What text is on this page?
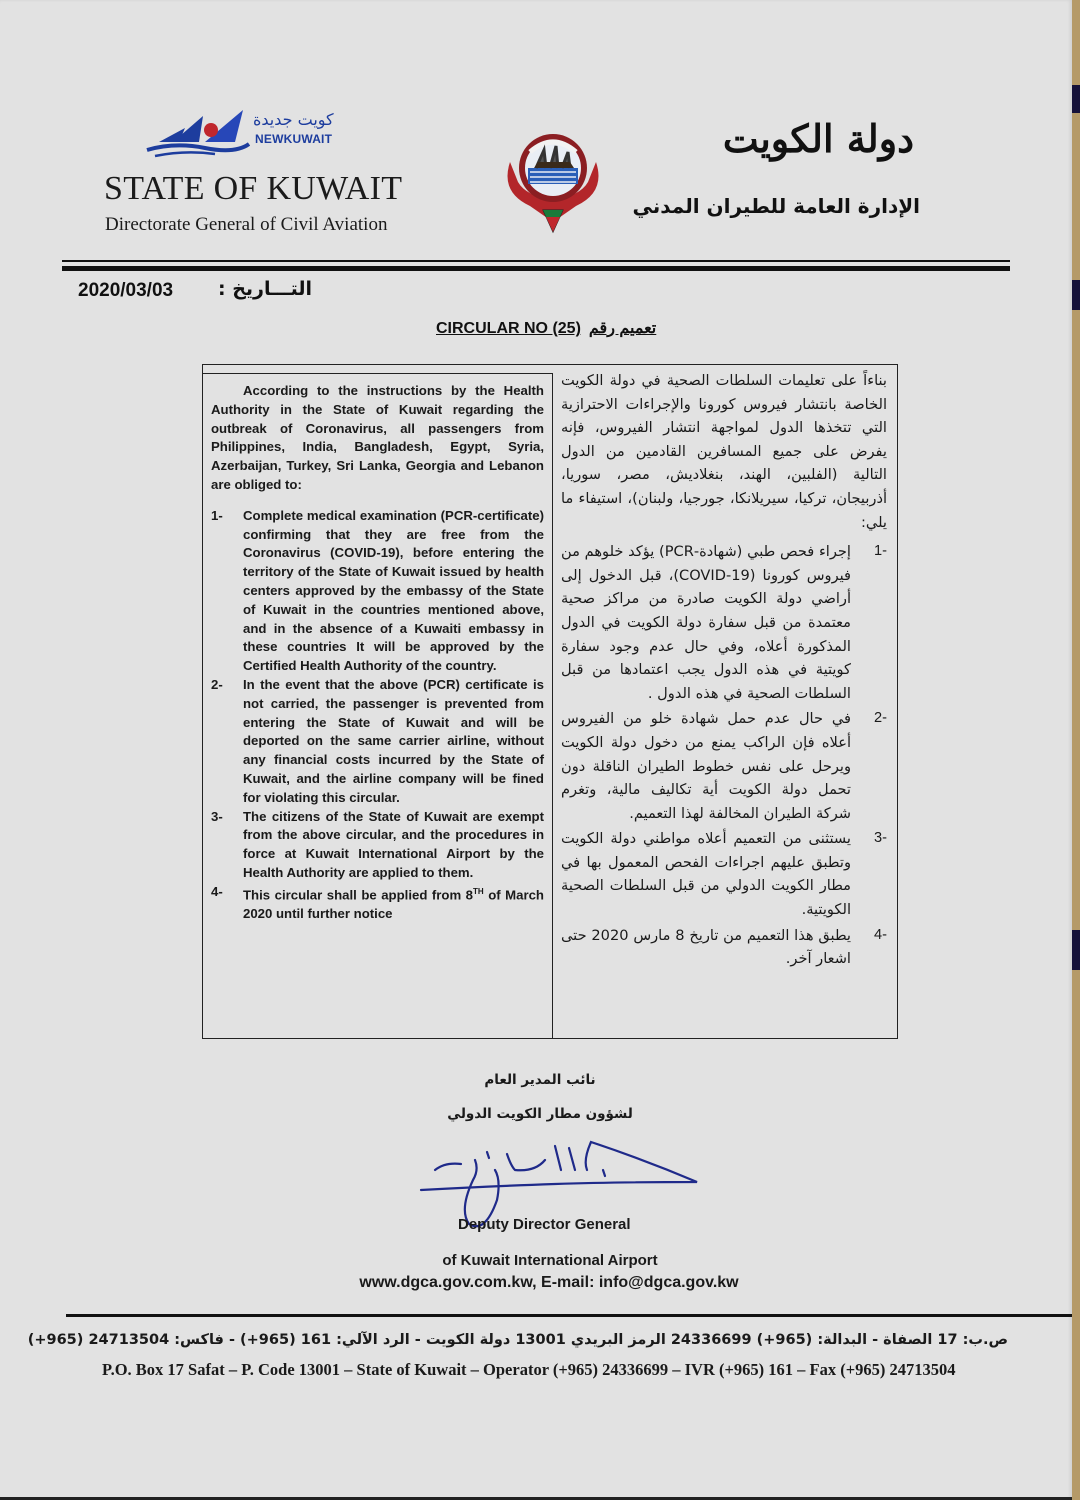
كويت جديدة
NEWKUWAIT
STATE OF KUWAIT
Directorate General of Civil Aviation
دولة الكويت
الإدارة العامة للطيران المدني
2020/03/03 التـــاريخ :
CIRCULAR NO (25) تعميم رقم

According to the instructions by the Health Authority in the State of Kuwait regarding the outbreak of Coronavirus, all passengers from Philippines, India, Bangladesh, Egypt, Syria, Azerbaijan, Turkey, Sri Lanka, Georgia and Lebanon are obliged to:

1-	Complete medical examination (PCR-certificate) confirming that they are free from the Coronavirus (COVID-19), before entering the territory of the State of Kuwait issued by health centers approved by the embassy of the State of Kuwait in the countries mentioned above, and in the absence of a Kuwaiti embassy in these countries It will be approved by the Certified Health Authority of the country.
2-	In the event that the above (PCR) certificate is not carried, the passenger is prevented from entering the State of Kuwait and will be deported on the same carrier airline, without any financial costs incurred by the State of Kuwait, and the airline company will be fined for violating this circular.
3-	The citizens of the State of Kuwait are exempt from the above circular, and the procedures in force at Kuwait International Airport by the Health Authority are applied to them.
4-	This circular shall be applied from 8TH of March 2020 until further notice

بناءاً على تعليمات السلطات الصحية في دولة الكويت الخاصة بانتشار فيروس كورونا والإجراءات الاحترازية التي تتخذها الدول لمواجهة انتشار الفيروس، فإنه يفرض على جميع المسافرين القادمين من الدول التالية (الفلبين، الهند، بنغلاديش، مصر، سوريا، أذربيجان، تركيا، سيريلانكا، جورجيا، ولبنان)، استيفاء ما يلي:

-1
إجراء فحص طبي (شهادة-PCR) يؤكد خلوهم من فيروس كورونا (COVID-19)، قبل الدخول إلى أراضي دولة الكويت صادرة من مراكز صحية معتمدة من قبل سفارة دولة الكويت في الدول المذكورة أعلاه، وفي حال عدم وجود سفارة كويتية في هذه الدول يجب اعتمادها من قبل السلطات الصحية في هذه الدول .
-2
في حال عدم حمل شهادة خلو من الفيروس أعلاه فإن الراكب يمنع من دخول دولة الكويت ويرحل على نفس خطوط الطيران الناقلة دون تحمل دولة الكويت أية تكاليف مالية، وتغرم شركة الطيران المخالفة لهذا التعميم.
-3
يستثنى من التعميم أعلاه مواطني دولة الكويت وتطبق عليهم اجراءات الفحص المعمول بها في مطار الكويت الدولي من قبل السلطات الصحية الكويتية.
-4
يطبق هذا التعميم من تاريخ 8 مارس 2020 حتى اشعار آخر.
نائب المدير العام
لشؤون مطار الكويت الدولي
Deputy Director General
of Kuwait International Airport
www.dgca.gov.com.kw, E-mail: info@dgca.gov.kw
ص.ب: 17 الصفاة - البدالة: (965+) 24336699 الرمز البريدي 13001 دولة الكويت - الرد الآلي: 161 (965+) - فاكس: 24713504 (965+)
P.O. Box 17 Safat – P. Code 13001 – State of Kuwait – Operator (+965) 24336699 – IVR (+965) 161 – Fax (+965) 24713504
